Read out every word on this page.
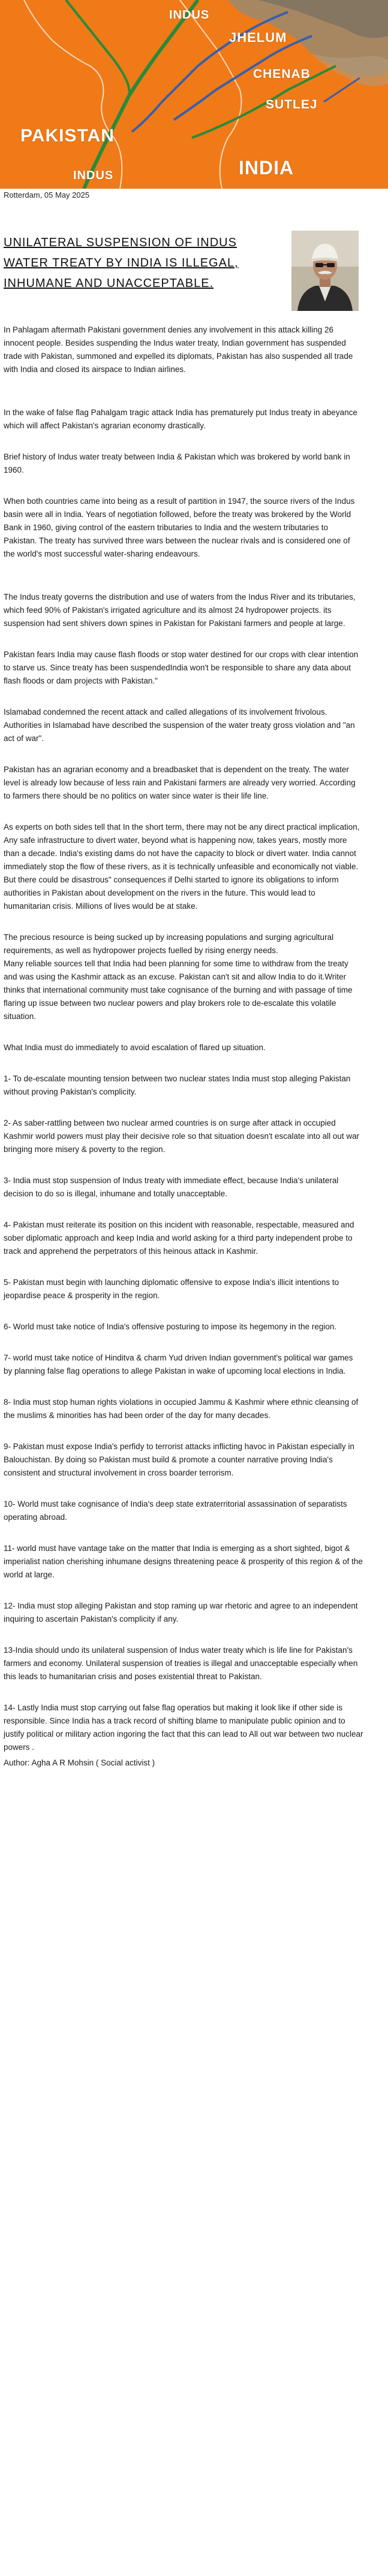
INDUS
JHELUM
CHENAB
SUTLEJ
PAKISTAN
INDIA
INDUS
Rotterdam, 05 May 2025
UNILATERAL SUSPENSION OF INDUS WATER TREATY BY INDIA IS ILLEGAL, INHUMANE AND UNACCEPTABLE.

In Pahlagam aftermath Pakistani government denies any involvement in this attack killing 26 innocent people. Besides suspending the Indus water treaty, Indian government has suspended trade with Pakistan, summoned and expelled its diplomats, Pakistan has also suspended all trade with India and closed its airspace to Indian airlines.

In the wake of false flag Pahalgam tragic attack India has prematurely put Indus treaty in abeyance which will affect Pakistan's agrarian economy drastically.

Brief history of Indus water treaty between India & Pakistan which was brokered by world bank in 1960.

When both countries came into being as a result of partition in 1947, the source rivers of the Indus basin were all in India. Years of negotiation followed, before the treaty was brokered by the World Bank in 1960, giving control of the eastern tributaries to India and the western tributaries to Pakistan. The treaty has survived three wars between the nuclear rivals and is considered one of the world's most successful water-sharing endeavours.

The Indus treaty governs the distribution and use of waters from the Indus River and its tributaries, which feed 90% of Pakistan's irrigated agriculture and its almost 24 hydropower projects. its suspension had sent shivers down spines in Pakistan for Pakistani farmers and people at large.

Pakistan fears India may cause flash floods or stop water destined for our crops with clear intention to starve us. Since treaty has been suspendedIndia won't be responsible to share any data about flash floods or dam projects with Pakistan."

Islamabad condemned the recent attack and called allegations of its involvement frivolous.
Authorities in Islamabad have described the suspension of the water treaty gross violation and "an act of war".

Pakistan has an agrarian economy and a breadbasket that is dependent on the treaty. The water level is already low because of less rain and Pakistani farmers are already very worried. According to farmers there should be no politics on water since water is their life line.

As experts on both sides tell that In the short term, there may not be any direct practical implication, Any safe infrastructure to divert water, beyond what is happening now, takes years, mostly more than a decade. India's existing dams do not have the capacity to block or divert water. India cannot immediately stop the flow of these rivers, as it is technically unfeasible and economically not viable. But there could be disastrous" consequences if Delhi started to ignore its obligations to inform authorities in Pakistan about development on the rivers in the future. This would lead to humanitarian crisis. Millions of lives would be at stake.

The precious resource is being sucked up by increasing populations and surging agricultural requirements, as well as hydropower projects fuelled by rising energy needs.
Many reliable sources tell that India had been planning for some time to withdraw from the treaty and was using the Kashmir attack as an excuse. Pakistan can't sit and allow India to do it.Writer thinks that international community must take cognisance of the burning and with passage of time flaring up issue between two nuclear powers and play brokers role to de-escalate this volatile situation.

What India must do immediately to avoid escalation of flared up situation.

1- To de-escalate mounting tension between two nuclear states India must stop alleging Pakistan without proving Pakistan's complicity.

2- As saber-rattling between two nuclear armed countries is on surge after attack in occupied Kashmir world powers must play their decisive role so that situation doesn't escalate into all out war bringing more misery & poverty to the region.

3- India must stop suspension of Indus treaty with immediate effect, because India's unilateral decision to do so is illegal, inhumane and totally unacceptable.

4- Pakistan must reiterate its position on this incident with reasonable, respectable, measured and sober diplomatic approach and keep India and world asking for a third party independent probe to track and apprehend the perpetrators of this heinous attack in Kashmir.

5- Pakistan must begin with launching diplomatic offensive to expose India's illicit intentions to jeopardise peace & prosperity in the region.

6- World must take notice of India's offensive posturing to impose its hegemony in the region.

7- world must take notice of Hinditva & charm Yud driven Indian government's political war games by planning false flag operations to allege Pakistan in wake of upcoming local elections in India.

8- India must stop human rights violations in occupied Jammu & Kashmir where ethnic cleansing of the muslims & minorities has had been order of the day for many decades.

9- Pakistan must expose India's perfidy to terrorist attacks inflicting havoc in Pakistan especially in Balouchistan. By doing so Pakistan must build & promote a counter narrative proving India's consistent and structural involvement in cross boarder terrorism.

10- World must take cognisance of India's deep state extraterritorial assassination of separatists operating abroad.

11- world must have vantage take on the matter that India is emerging as a short sighted, bigot & imperialist nation cherishing inhumane designs threatening peace & prosperity of this region & of the world at large.

12- India must stop alleging Pakistan and stop raming up war rhetoric and agree to an independent inquiring to ascertain Pakistan's complicity if any.

13-India should undo its unilateral suspension of Indus water treaty which is life line for Pakistan's farmers and economy. Unilateral suspension of treaties is illegal and unacceptable especially when this leads to humanitarian crisis and poses existential threat to Pakistan.

14- Lastly India must stop carrying out false flag operatios but making it look like if other side is responsible. Since India has a track record of shifting blame to manipulate public opinion and to justify political or military action ingoring the fact that this can lead to All out war between two nuclear powers .

Author: Agha A R Mohsin ( Social activist )
